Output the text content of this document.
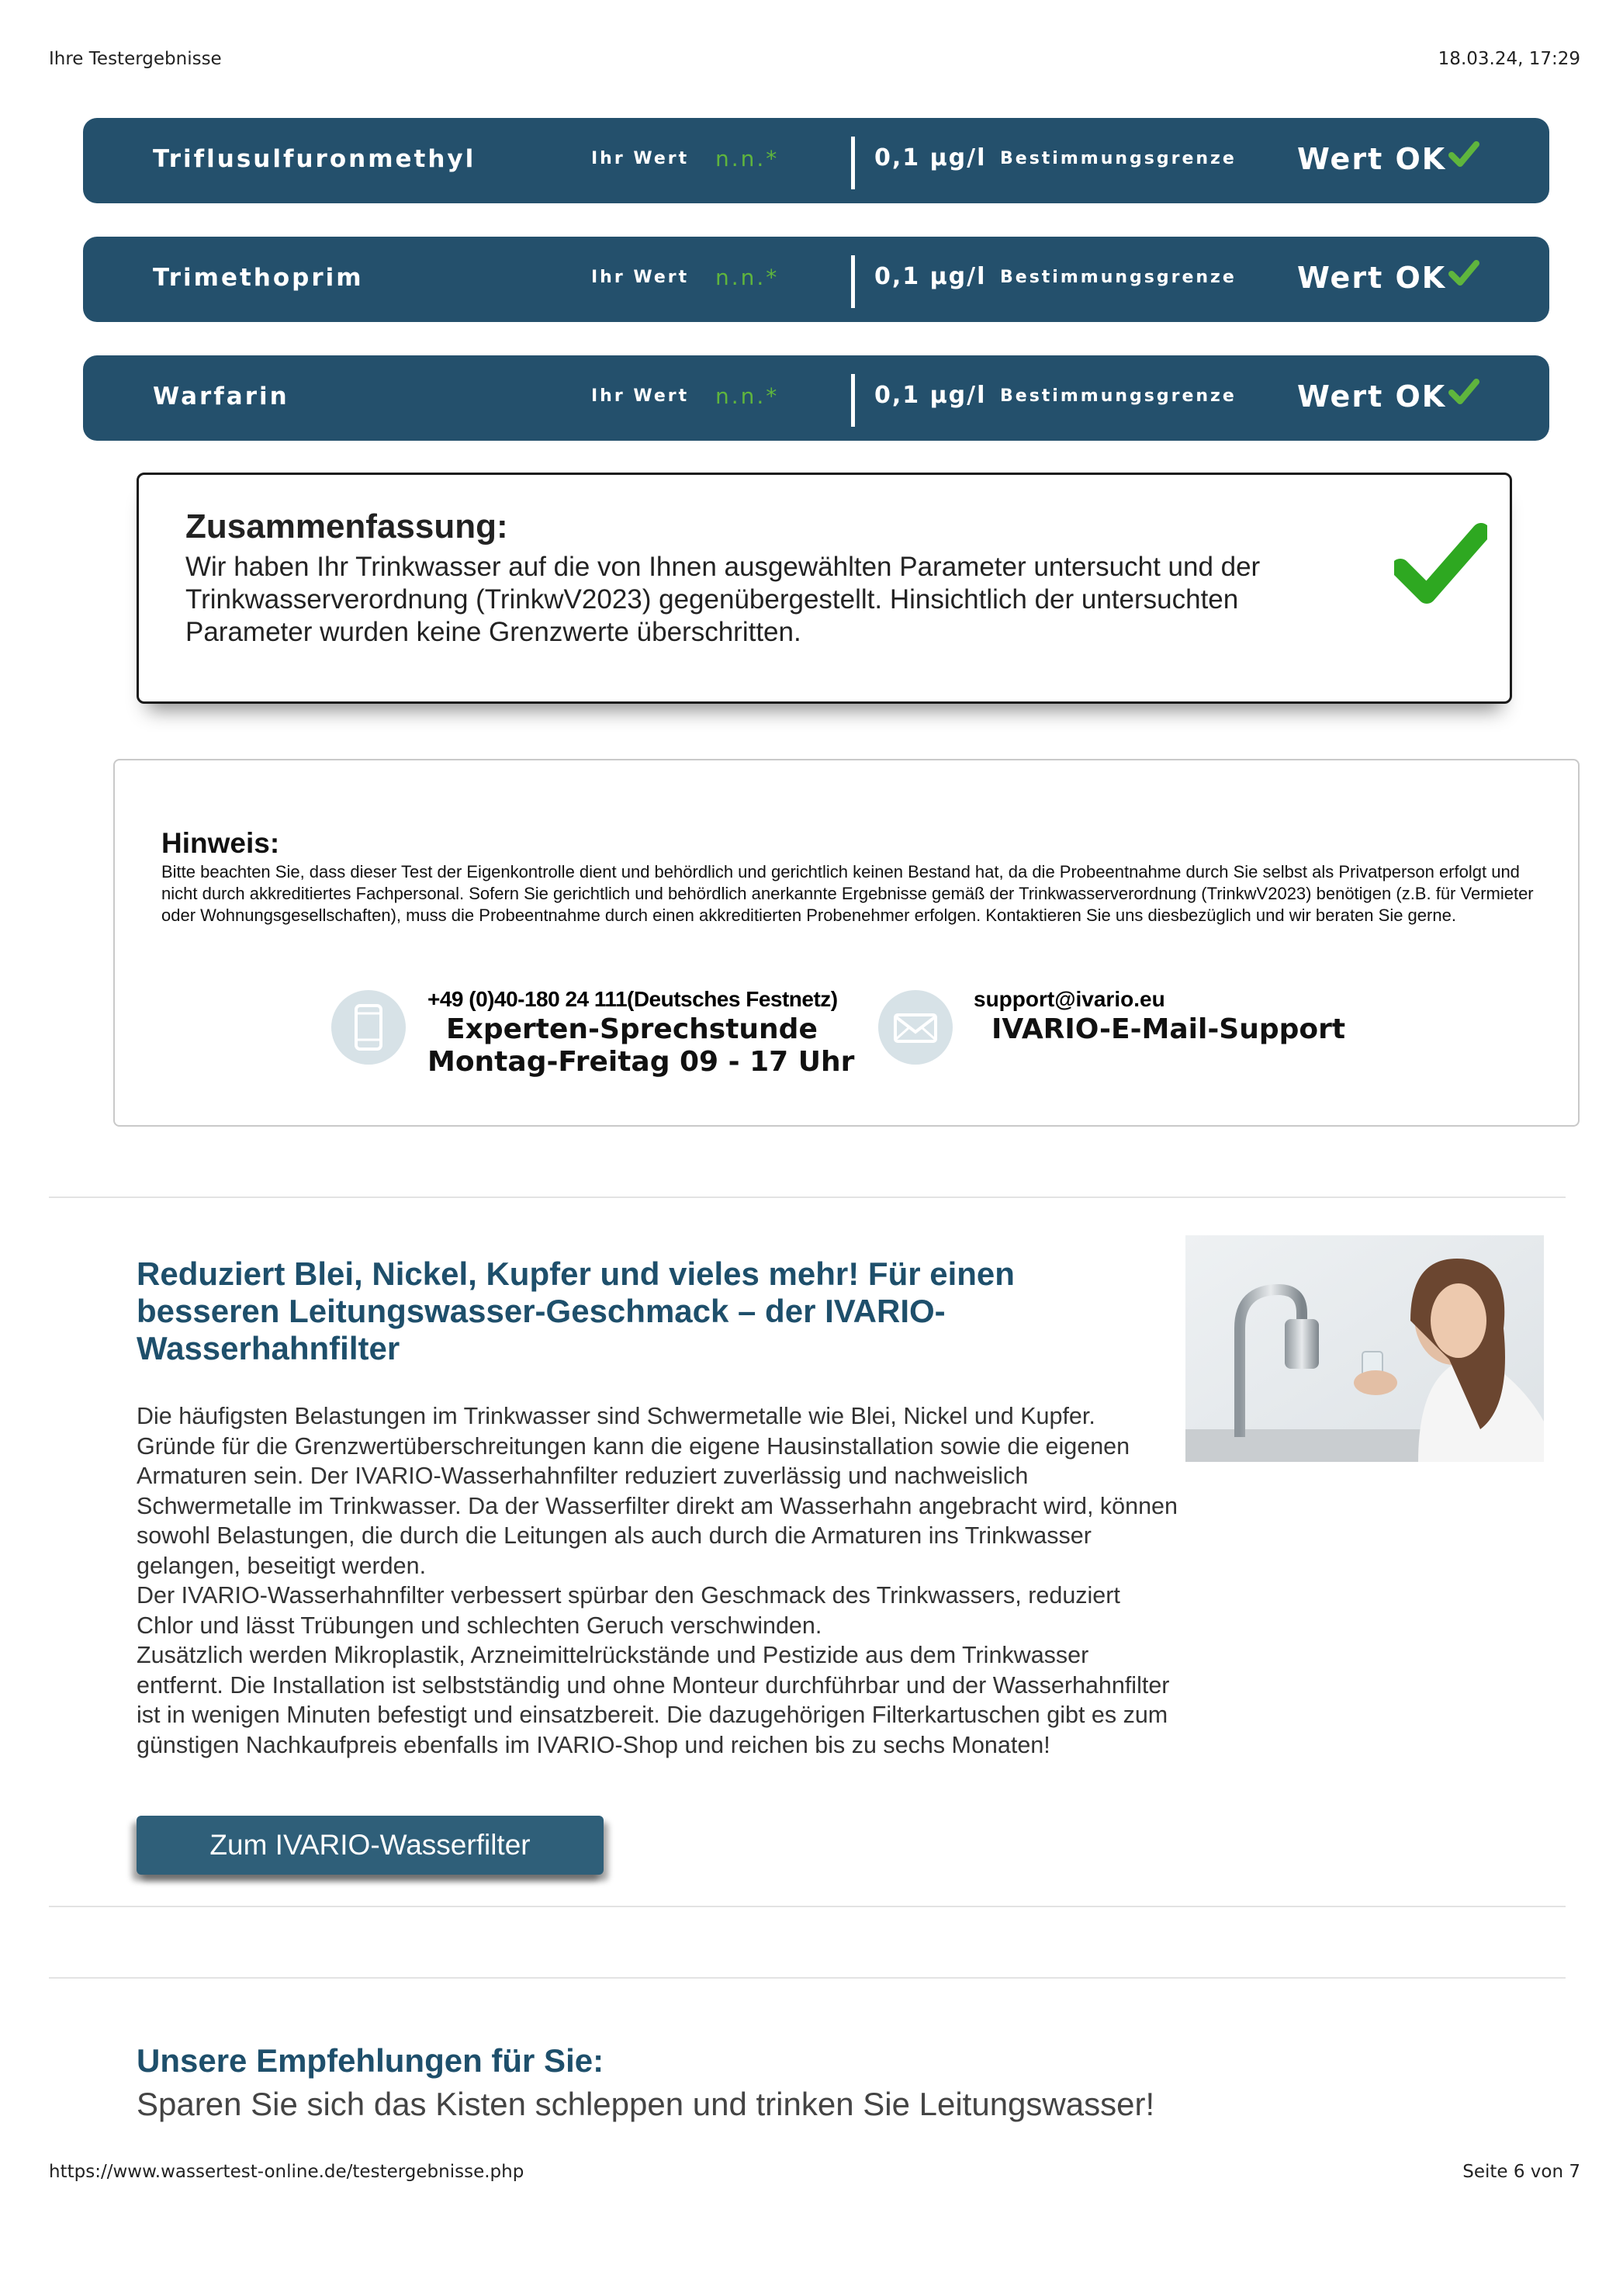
Ihre Testergebnisse	18.03.24, 17:29
Triflusulfuronmethyl	Ihr Wert n.n.*	0,1 µg/l Bestimmungsgrenze Wert OK
Trimethoprim	Ihr Wert n.n.*	0,1 µg/l Bestimmungsgrenze Wert OK
Warfarin	Ihr Wert n.n.*	0,1 µg/l Bestimmungsgrenze Wert OK
Zusammenfassung:

Wir haben Ihr Trinkwasser auf die von Ihnen ausgewählten Parameter untersucht und der Trinkwasserverordnung (TrinkwV2023) gegenübergestellt. Hinsichtlich der untersuchten Parameter wurden keine Grenzwerte überschritten.

Hinweis:
Bitte beachten Sie, dass dieser Test der Eigenkontrolle dient und behördlich und gerichtlich keinen Bestand hat, da die Probeentnahme durch Sie selbst als Privatperson erfolgt und nicht durch akkreditiertes Fachpersonal. Sofern Sie gerichtlich und behördlich anerkannte Ergebnisse gemäß der Trinkwasserverordnung (TrinkwV2023) benötigen (z.B. für Vermieter oder Wohnungsgesellschaften), muss die Probeentnahme durch einen akkreditierten Probenehmer erfolgen. Kontaktieren Sie uns diesbezüglich und wir beraten Sie gerne.
+49 (0)40-180 24 111(Deutsches Festnetz)
Experten-Sprechstunde
Montag-Freitag 09 - 17 Uhr
support@ivario.eu
IVARIO-E-Mail-Support
Reduziert Blei, Nickel, Kupfer und vieles mehr! Für einen besseren Leitungswasser-Geschmack – der IVARIO-Wasserhahnfilter
Die häufigsten Belastungen im Trinkwasser sind Schwermetalle wie Blei, Nickel und Kupfer. Gründe für die Grenzwertüberschreitungen kann die eigene Hausinstallation sowie die eigenen Armaturen sein. Der IVARIO-Wasserhahnfilter reduziert zuverlässig und nachweislich Schwermetalle im Trinkwasser. Da der Wasserfilter direkt am Wasserhahn angebracht wird, können sowohl Belastungen, die durch die Leitungen als auch durch die Armaturen ins Trinkwasser gelangen, beseitigt werden.
Der IVARIO-Wasserhahnfilter verbessert spürbar den Geschmack des Trinkwassers, reduziert Chlor und lässt Trübungen und schlechten Geruch verschwinden.
Zusätzlich werden Mikroplastik, Arzneimittelrückstände und Pestizide aus dem Trinkwasser entfernt. Die Installation ist selbstständig und ohne Monteur durchführbar und der Wasserhahnfilter ist in wenigen Minuten befestigt und einsatzbereit. Die dazugehörigen Filterkartuschen gibt es zum günstigen Nachkaufpreis ebenfalls im IVARIO-Shop und reichen bis zu sechs Monaten!
Zum IVARIO-Wasserfilter
Unsere Empfehlungen für Sie:
Sparen Sie sich das Kisten schleppen und trinken Sie Leitungswasser!
https://www.wassertest-online.de/testergebnisse.php	Seite 6 von 7
